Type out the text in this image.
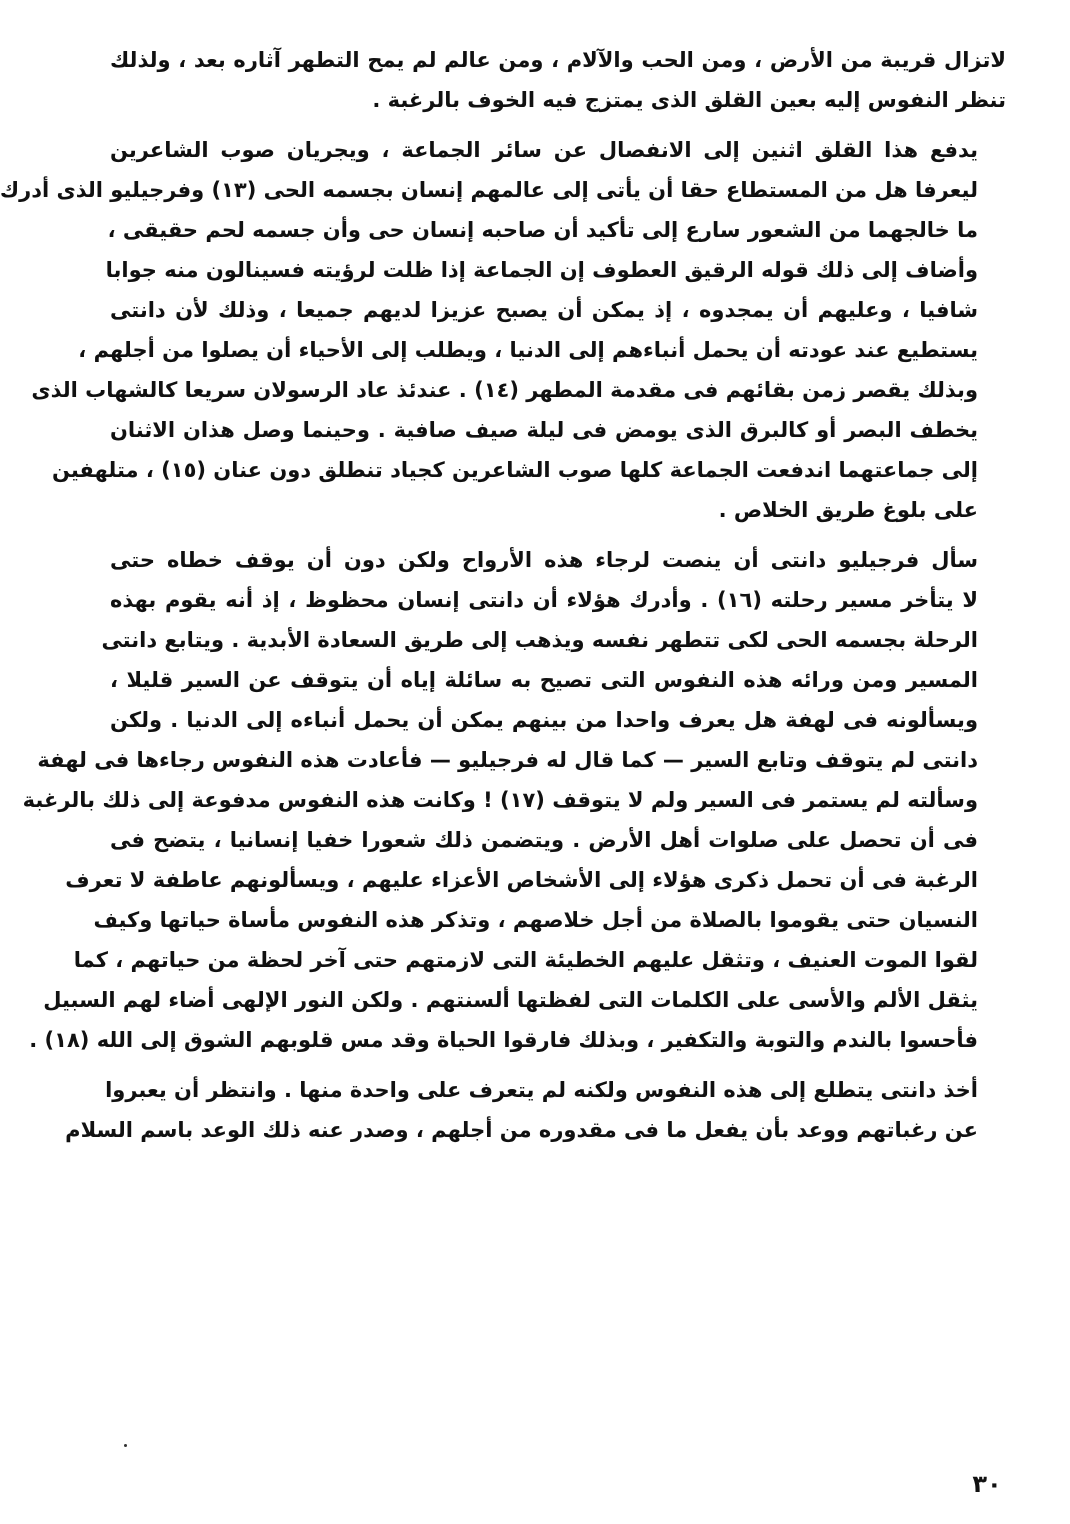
لاتزال قريبة من الأرض ، ومن الحب والآلام ، ومن عالم لم يمح التطهر آثاره بعد ، ولذلك
تنظر النفوس إليه بعين القلق الذى يمتزج فيه الخوف بالرغبة .

يدفع هذا القلق اثنين إلى الانفصال عن سائر الجماعة ، ويجريان صوب الشاعرين
ليعرفا هل من المستطاع حقا أن يأتى إلى عالمهم إنسان بجسمه الحى (١٣) وفرجيليو الذى أدرك
ما خالجهما من الشعور سارع إلى تأكيد أن صاحبه إنسان حى وأن جسمه لحم حقيقى ،
وأضاف إلى ذلك قوله الرقيق العطوف إن الجماعة إذا ظلت لرؤيته فسينالون منه جوابا
شافيا ، وعليهم أن يمجدوه ، إذ يمكن أن يصبح عزيزا لديهم جميعا ، وذلك لأن دانتى
يستطيع عند عودته أن يحمل أنباءهم إلى الدنيا ، ويطلب إلى الأحياء أن يصلوا من أجلهم ،
وبذلك يقصر زمن بقائهم فى مقدمة المطهر (١٤) . عندئذ عاد الرسولان سريعا كالشهاب الذى
يخطف البصر أو كالبرق الذى يومض فى ليلة صيف صافية . وحينما وصل هذان الاثنان
إلى جماعتهما اندفعت الجماعة كلها صوب الشاعرين كجياد تنطلق دون عنان (١٥) ، متلهفين
على بلوغ طريق الخلاص .

سأل فرجيليو دانتى أن ينصت لرجاء هذه الأرواح ولكن دون أن يوقف خطاه حتى
لا يتأخر مسير رحلته (١٦) . وأدرك هؤلاء أن دانتى إنسان محظوظ ، إذ أنه يقوم بهذه
الرحلة بجسمه الحى لكى تتطهر نفسه ويذهب إلى طريق السعادة الأبدية . ويتابع دانتى
المسير ومن ورائه هذه النفوس التى تصيح به سائلة إياه أن يتوقف عن السير قليلا ،
ويسألونه فى لهفة هل يعرف واحدا من بينهم يمكن أن يحمل أنباءه إلى الدنيا . ولكن
دانتى لم يتوقف وتابع السير — كما قال له فرجيليو — فأعادت هذه النفوس رجاءها فى لهفة
وسألته لم يستمر فى السير ولم لا يتوقف (١٧) ! وكانت هذه النفوس مدفوعة إلى ذلك بالرغبة
فى أن تحصل على صلوات أهل الأرض . ويتضمن ذلك شعورا خفيا إنسانيا ، يتضح فى
الرغبة فى أن تحمل ذكرى هؤلاء إلى الأشخاص الأعزاء عليهم ، ويسألونهم عاطفة لا تعرف
النسيان حتى يقوموا بالصلاة من أجل خلاصهم ، وتذكر هذه النفوس مأساة حياتها وكيف
لقوا الموت العنيف ، وتثقل عليهم الخطيئة التى لازمتهم حتى آخر لحظة من حياتهم ، كما
يثقل الألم والأسى على الكلمات التى لفظتها ألسنتهم . ولكن النور الإلهى أضاء لهم السبيل
فأحسوا بالندم والتوبة والتكفير ، وبذلك فارقوا الحياة وقد مس قلوبهم الشوق إلى الله (١٨) .

أخذ دانتى يتطلع إلى هذه النفوس ولكنه لم يتعرف على واحدة منها . وانتظر أن يعبروا
عن رغباتهم ووعد بأن يفعل ما فى مقدوره من أجلهم ، وصدر عنه ذلك الوعد باسم السلام

٣٠
